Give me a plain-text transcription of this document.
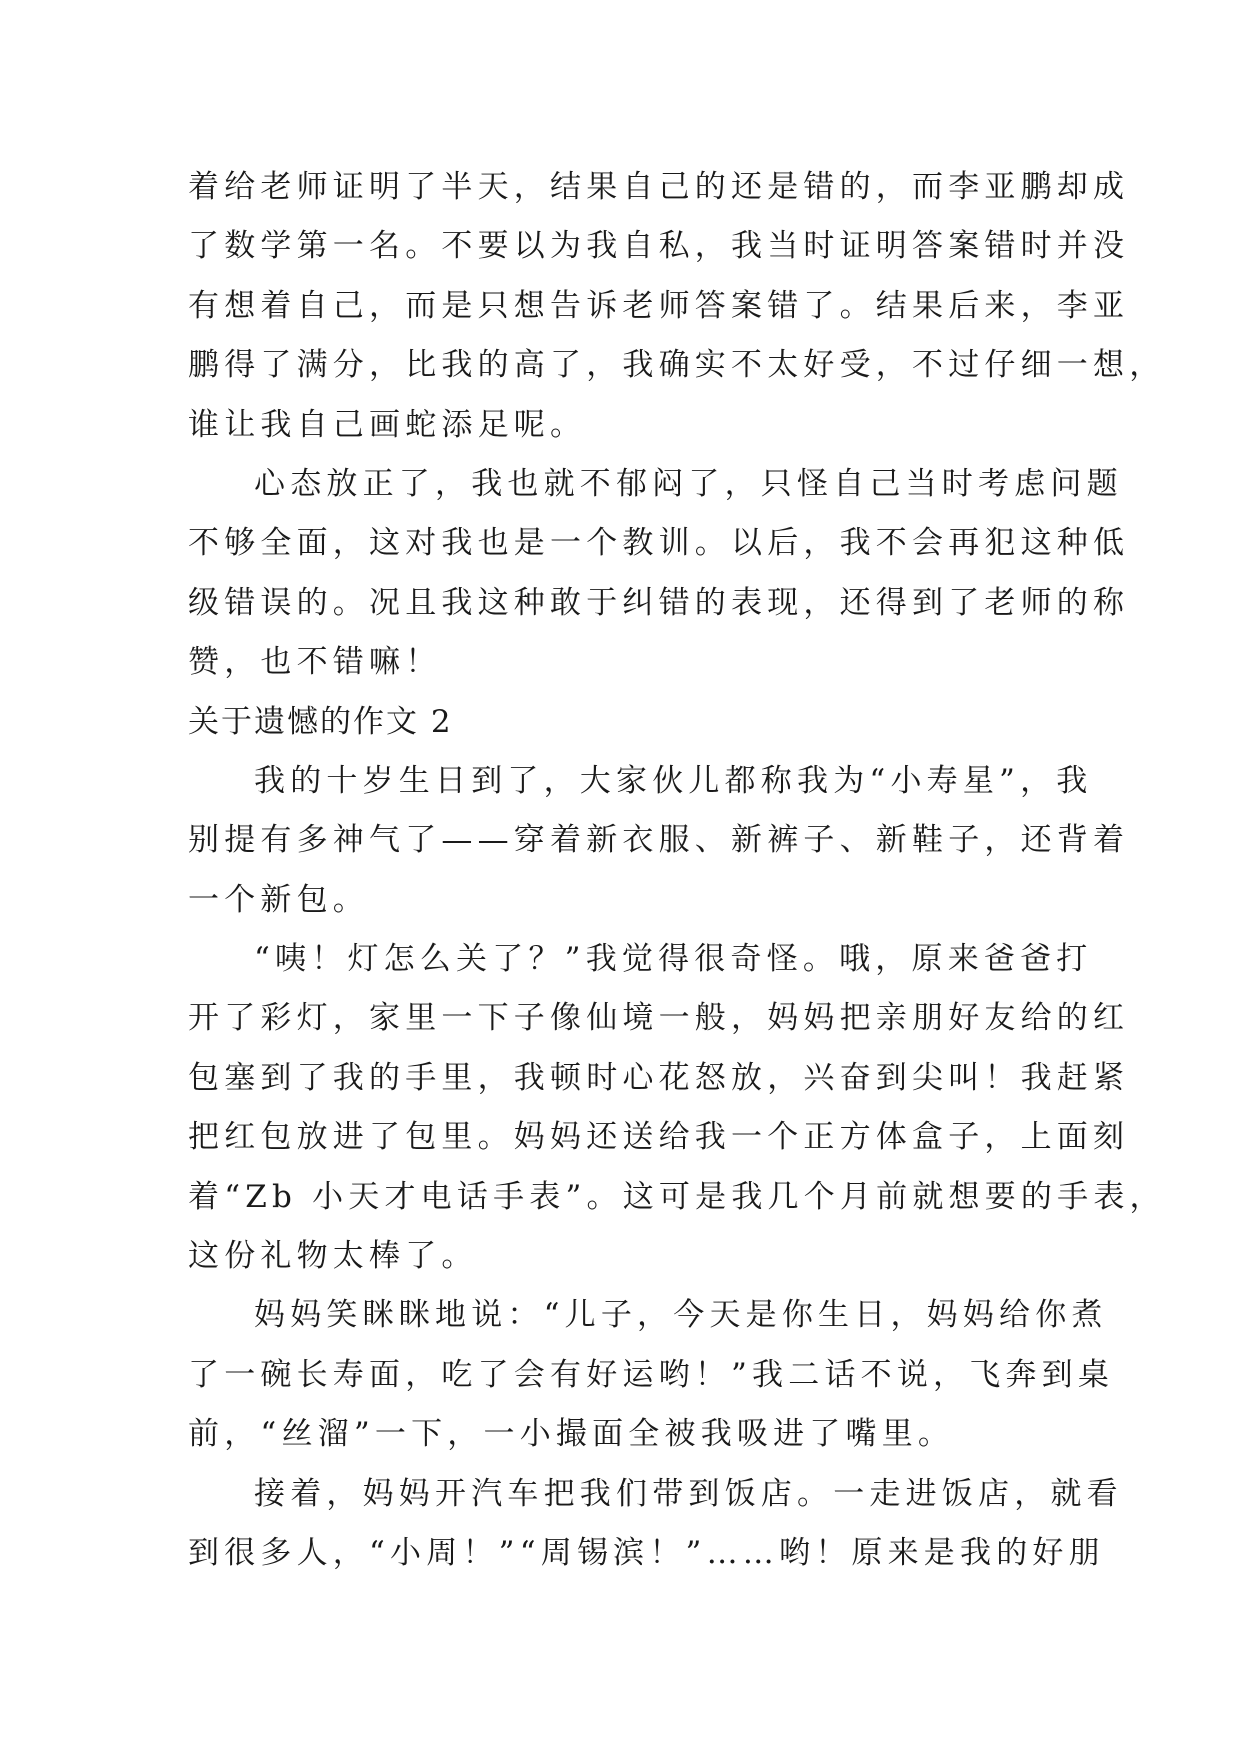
着给老师证明了半天，结果自己的还是错的，而李亚鹏却成
了数学第一名。不要以为我自私，我当时证明答案错时并没
有想着自己，而是只想告诉老师答案错了。结果后来，李亚
鹏得了满分，比我的高了，我确实不太好受，不过仔细一想，
谁让我自己画蛇添足呢。
心态放正了，我也就不郁闷了，只怪自己当时考虑问题
不够全面，这对我也是一个教训。以后，我不会再犯这种低
级错误的。况且我这种敢于纠错的表现，还得到了老师的称
赞，也不错嘛！
关于遗憾的作文 2
我的十岁生日到了，大家伙儿都称我为“小寿星”，我
别提有多神气了——穿着新衣服、新裤子、新鞋子，还背着
一个新包。
“咦！灯怎么关了？”我觉得很奇怪。哦，原来爸爸打
开了彩灯，家里一下子像仙境一般，妈妈把亲朋好友给的红
包塞到了我的手里，我顿时心花怒放，兴奋到尖叫！我赶紧
把红包放进了包里。妈妈还送给我一个正方体盒子，上面刻
着“Zb 小天才电话手表”。这可是我几个月前就想要的手表，
这份礼物太棒了。
妈妈笑眯眯地说：“儿子，今天是你生日，妈妈给你煮
了一碗长寿面，吃了会有好运哟！”我二话不说，飞奔到桌
前，“丝溜”一下，一小撮面全被我吸进了嘴里。
接着，妈妈开汽车把我们带到饭店。一走进饭店，就看
到很多人，“小周！”“周锡滨！”……哟！原来是我的好朋
